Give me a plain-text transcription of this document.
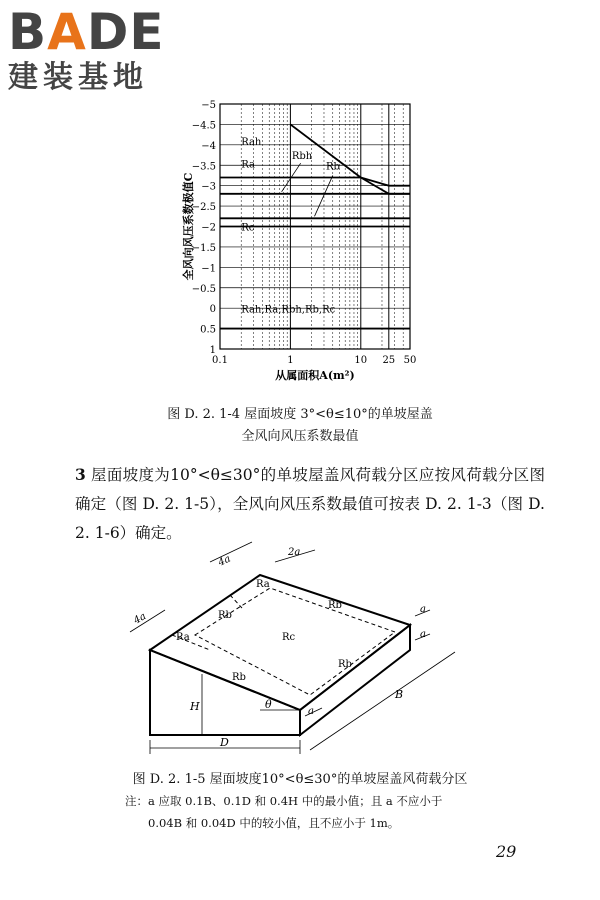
BADE
建装基地
−5
−4.5
−4
−3.5
−3
−2.5
−2
−1.5
−1
−0.5
0
0.5
1
0.1	1	10 25 50
从属面积A(m²)
全风向风压系数极值C
Rah
Ra
Rbh
Rb
Rc
Rah,Ra,Rbh,Rb,Rc
图 D. 2. 1-4 屋面坡度 3°<θ≤10°的单坡屋盖
全风向风压系数最值
3 屋面坡度为10°<θ≤30°的单坡屋盖风荷载分区应按风荷载分区图确定（图 D. 2. 1-5），全风向风压系数最值可按表 D. 2. 1-3（图 D. 2. 1-6）确定。
Ra
Rb
Rb
Ra	Rc
Rb
Rb
4a
2a
4a
a
a
a
θ
H
D
B
图 D. 2. 1-5 屋面坡度10°<θ≤30°的单坡屋盖风荷载分区
注：a 应取 0.1B、0.1D 和 0.4H 中的最小值；且 a 不应小于
0.04B 和 0.04D 中的较小值，且不应小于 1m。
29
